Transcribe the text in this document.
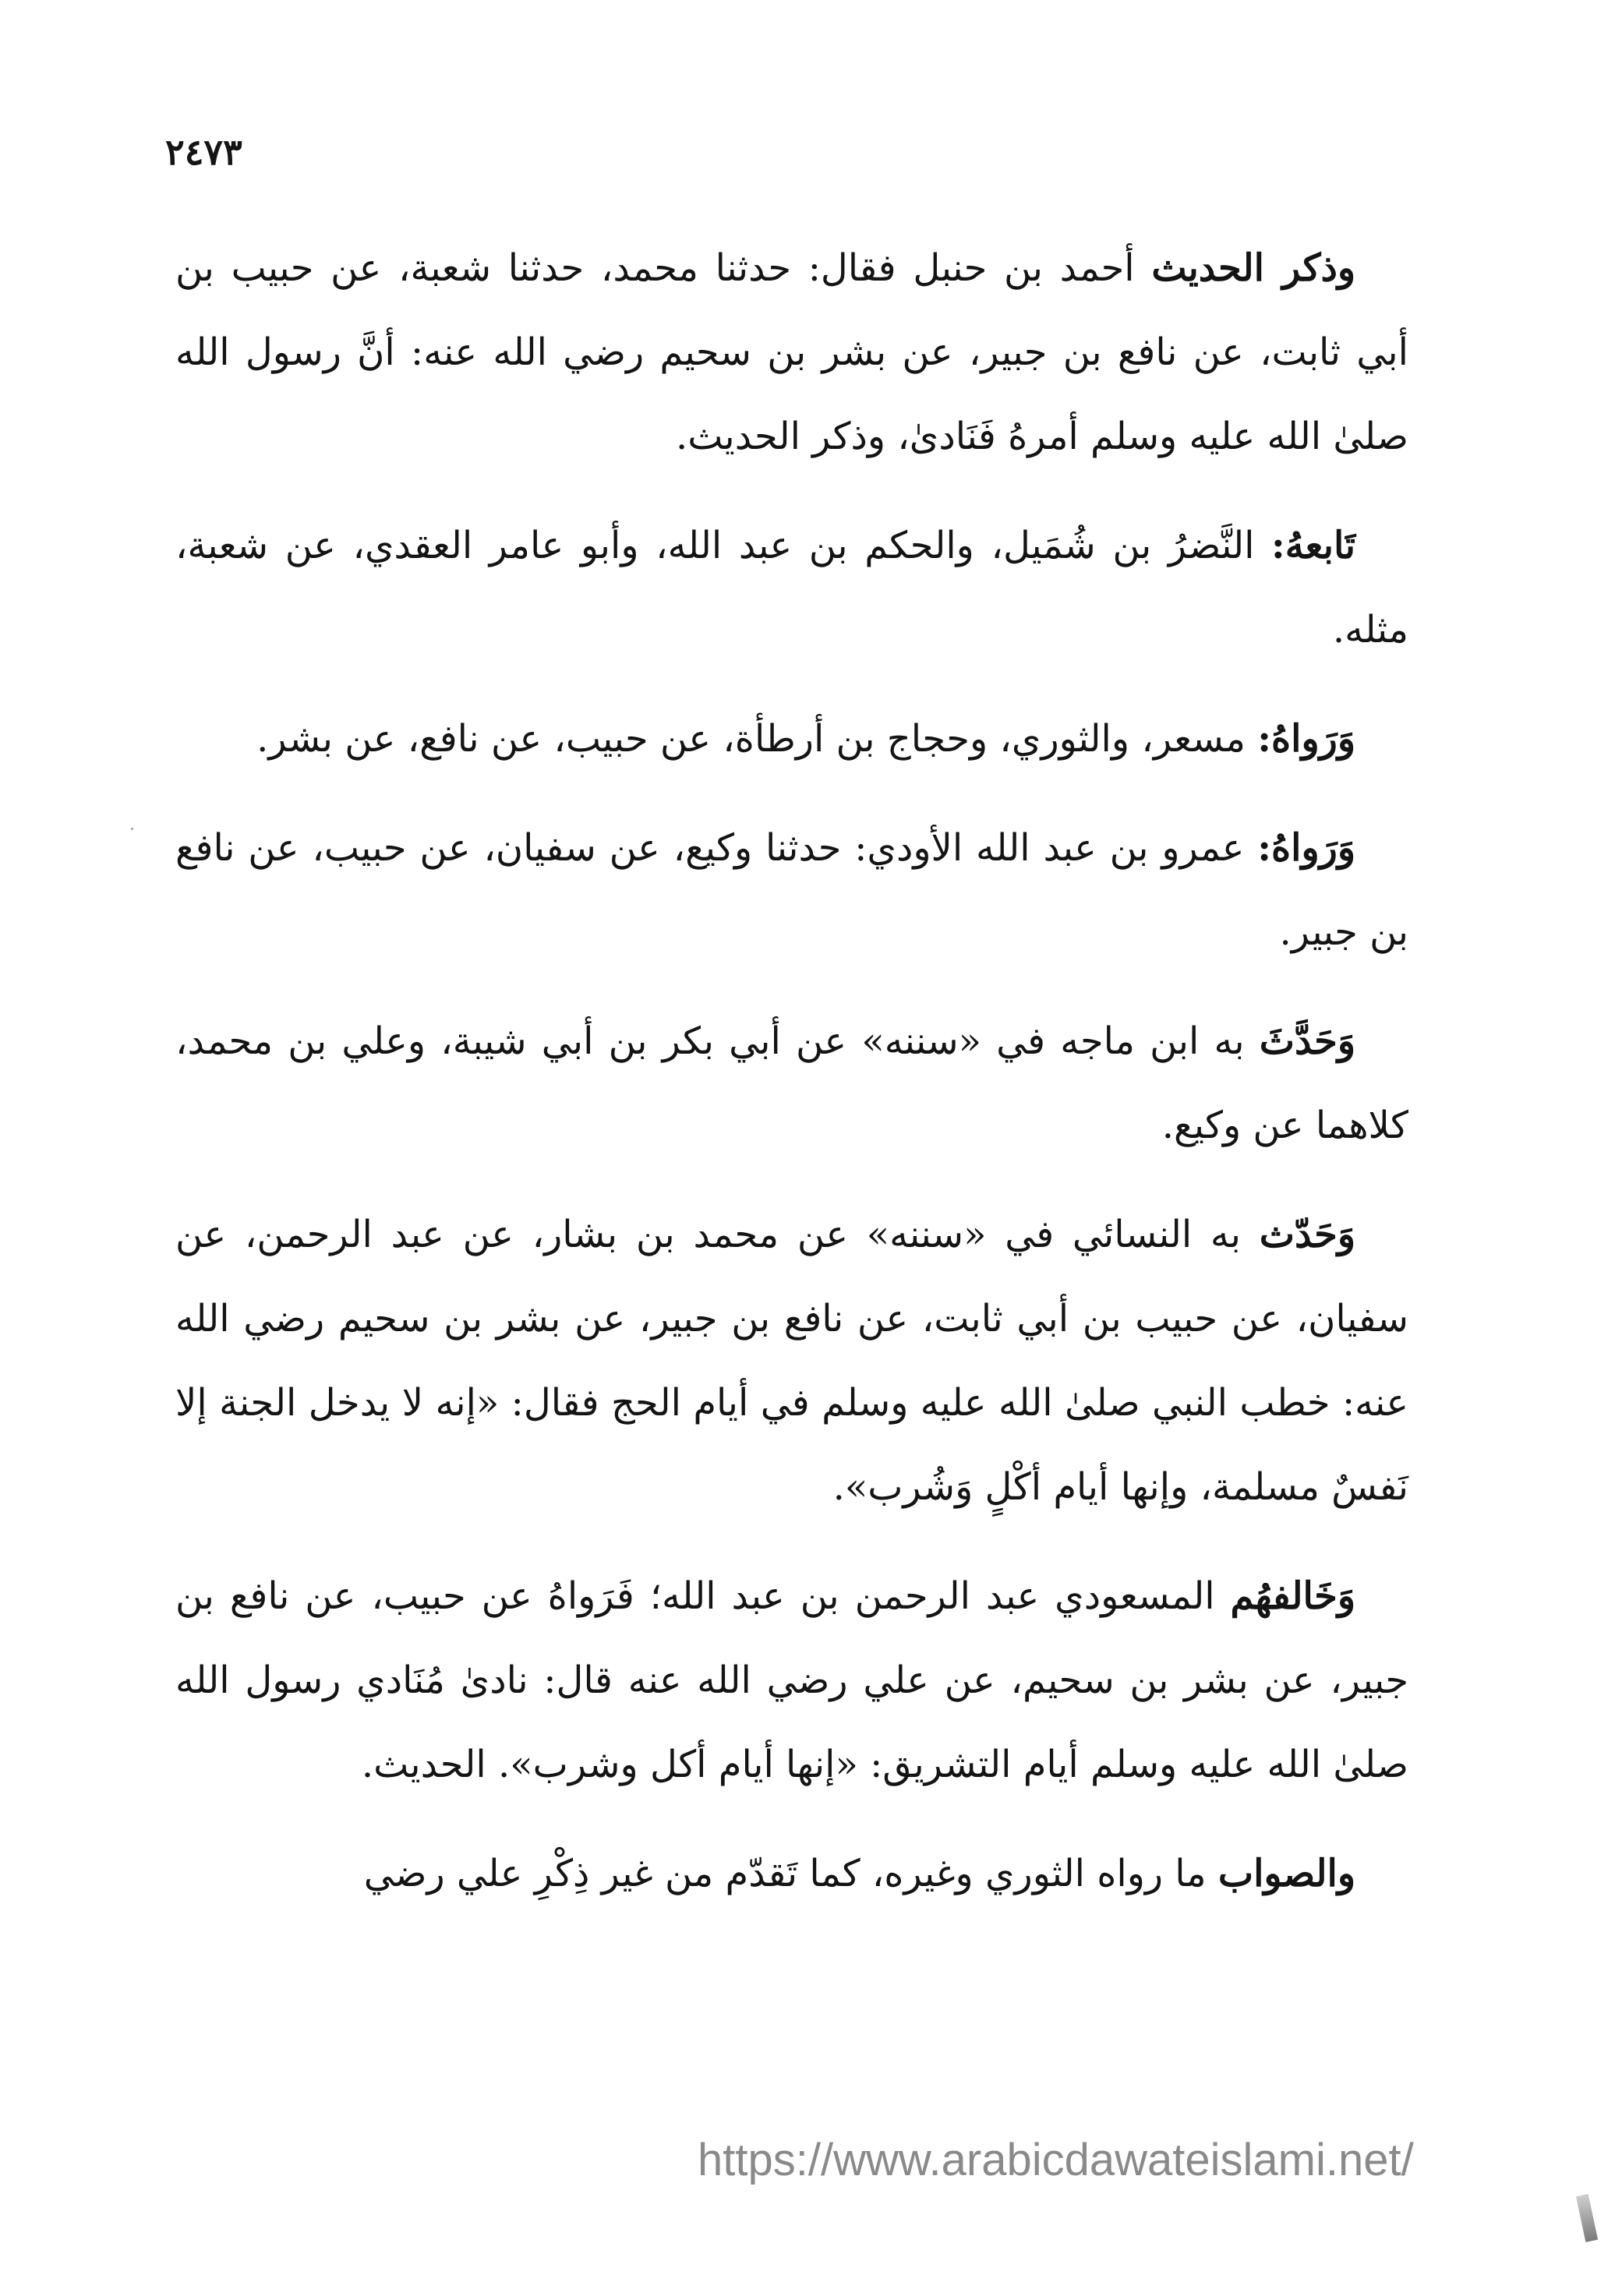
٢٤٧٣

وذكر الحديث أحمد بن حنبل فقال: حدثنا محمد، حدثنا شعبة، عن حبيب بن أبي ثابت، عن نافع بن جبير، عن بشر بن سحيم رضي الله عنه: أنَّ رسول الله صلىٰ الله عليه وسلم أمرهُ فَنَادىٰ، وذكر الحديث.

تَابعهُ: النَّضرُ بن شُمَيل، والحكم بن عبد الله، وأبو عامر العقدي، عن شعبة، مثله.

وَرَواهُ: مسعر، والثوري، وحجاج بن أرطأة، عن حبيب، عن نافع، عن بشر.

وَرَواهُ: عمرو بن عبد الله الأودي: حدثنا وكيع، عن سفيان، عن حبيب، عن نافع بن جبير.

وَحَدَّثَ به ابن ماجه في «سننه» عن أبي بكر بن أبي شيبة، وعلي بن محمد، كلاهما عن وكيع.

وَحَدّث به النسائي في «سننه» عن محمد بن بشار، عن عبد الرحمن، عن سفيان، عن حبيب بن أبي ثابت، عن نافع بن جبير، عن بشر بن سحيم رضي الله عنه: خطب النبي صلىٰ الله عليه وسلم في أيام الحج فقال: «إنه لا يدخل الجنة إلا نَفسٌ مسلمة، وإنها أيام أكْلٍ وَشُرب».

وَخَالفهُم المسعودي عبد الرحمن بن عبد الله؛ فَرَواهُ عن حبيب، عن نافع بن جبير، عن بشر بن سحيم، عن علي رضي الله عنه قال: نادىٰ مُنَادي رسول الله صلىٰ الله عليه وسلم أيام التشريق: «إنها أيام أكل وشرب». الحديث.

والصواب ما رواه الثوري وغيره، كما تَقدّم من غير ذِكْرِ علي رضي

https://www.arabicdawateislami.net/
